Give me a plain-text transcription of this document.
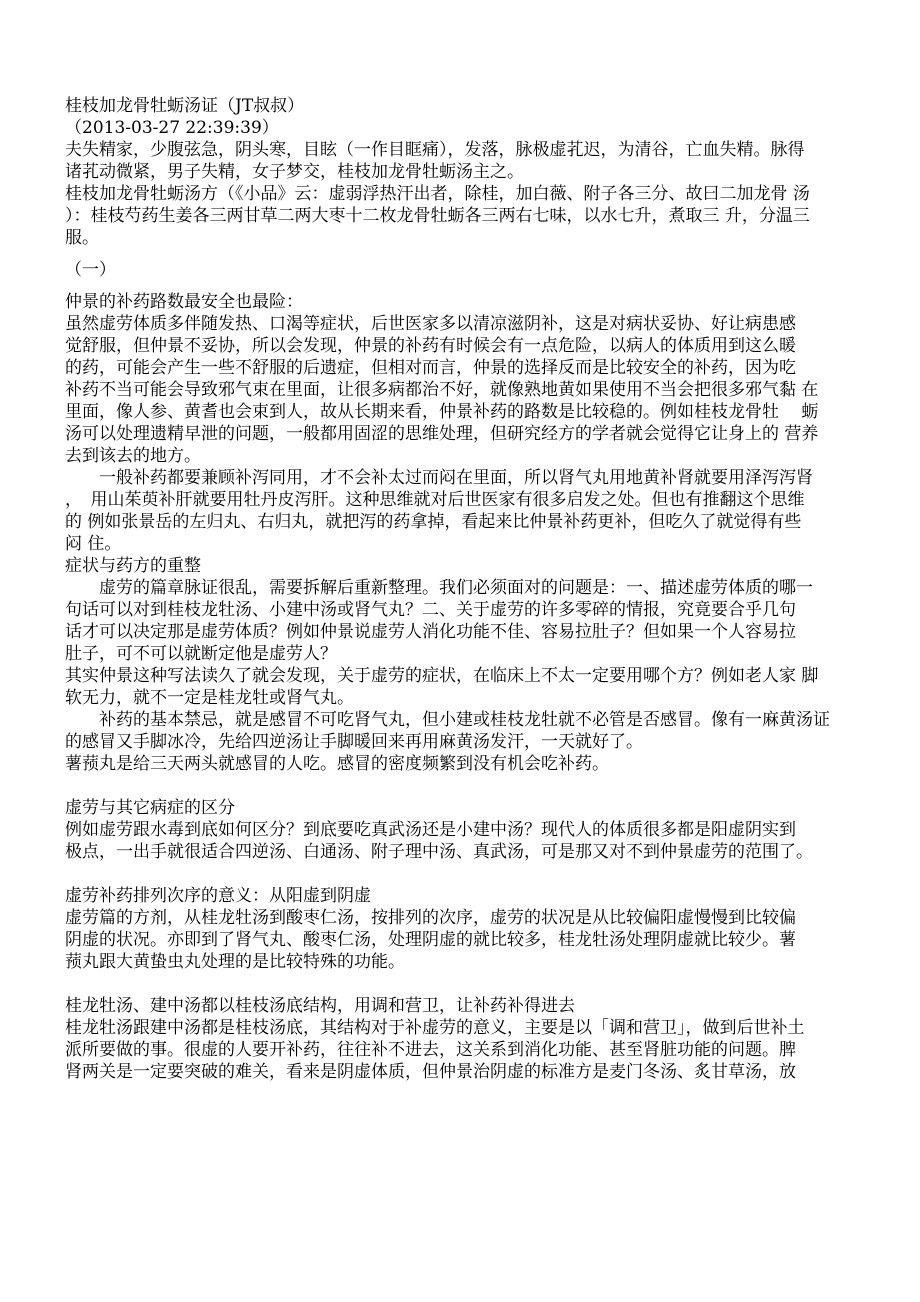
桂枝加龙骨牡蛎汤证（JT叔叔）
（2013-03-27 22:39:39）
夫失精家，少腹弦急，阴头寒，目眩（一作目眶痛），发落，脉极虚芤迟，为清谷，亡血失精。脉得
诸芤动微紧，男子失精，女子梦交，桂枝加龙骨牡蛎汤主之。
桂枝加龙骨牡蛎汤方（《小品》云：虚弱浮热汗出者，除桂，加白薇、附子各三分、故曰二加龙骨 汤
）：桂枝芍药生姜各三两甘草二两大枣十二枚龙骨牡蛎各三两右七味，以水七升，煮取三 升，分温三
服。
（一）
仲景的补药路数最安全也最险：
虽然虚劳体质多伴随发热、口渴等症状，后世医家多以清凉滋阴补，这是对病状妥协、好让病患感
觉舒服，但仲景不妥协，所以会发现，仲景的补药有时候会有一点危险，以病人的体质用到这么暖
的药，可能会产生一些不舒服的后遗症，但相对而言，仲景的选择反而是比较安全的补药，因为吃
补药不当可能会导致邪气束在里面，让很多病都治不好，就像熟地黄如果使用不当会把很多邪气黏 在
里面，像人参、黄耆也会束到人，故从长期来看，仲景补药的路数是比较稳的。例如桂枝龙骨牡　 蛎
汤可以处理遗精早泄的问题，一般都用固涩的思维处理，但研究经方的学者就会觉得它让身上的 营养
去到该去的地方。
　　一般补药都要兼顾补泻同用，才不会补太过而闷在里面，所以肾气丸用地黄补肾就要用泽泻泻肾
，　用山茱萸补肝就要用牡丹皮泻肝。这种思维就对后世医家有很多启发之处。但也有推翻这个思维
的 例如张景岳的左归丸、右归丸，就把泻的药拿掉，看起来比仲景补药更补，但吃久了就觉得有些
闷 住。
症状与药方的重整
　　虚劳的篇章脉证很乱，需要拆解后重新整理。我们必须面对的问题是：一、描述虚劳体质的哪一
句话可以对到桂枝龙牡汤、小建中汤或肾气丸？二、关于虚劳的许多零碎的情报，究竟要合乎几句
话才可以决定那是虚劳体质？例如仲景说虚劳人消化功能不佳、容易拉肚子？但如果一个人容易拉
肚子，可不可以就断定他是虚劳人？
其实仲景这种写法读久了就会发现，关于虚劳的症状，在临床上不太一定要用哪个方？例如老人家 脚
软无力，就不一定是桂龙牡或肾气丸。
　　补药的基本禁忌，就是感冒不可吃肾气丸，但小建或桂枝龙牡就不必管是否感冒。像有一麻黄汤证
的感冒又手脚冰冷，先给四逆汤让手脚暖回来再用麻黄汤发汗，一天就好了。
薯蓣丸是给三天两头就感冒的人吃。感冒的密度频繁到没有机会吃补药。
虚劳与其它病症的区分
例如虚劳跟水毒到底如何区分？到底要吃真武汤还是小建中汤？现代人的体质很多都是阳虚阴实到
极点，一出手就很适合四逆汤、白通汤、附子理中汤、真武汤，可是那又对不到仲景虚劳的范围了。
虚劳补药排列次序的意义：从阳虚到阴虚
虚劳篇的方剂，从桂龙牡汤到酸枣仁汤，按排列的次序，虚劳的状况是从比较偏阳虚慢慢到比较偏
阴虚的状况。亦即到了肾气丸、酸枣仁汤，处理阴虚的就比较多，桂龙牡汤处理阴虚就比较少。薯
蓣丸跟大黄蛰虫丸处理的是比较特殊的功能。
桂龙牡汤、建中汤都以桂枝汤底结构，用调和营卫，让补药补得进去
桂龙牡汤跟建中汤都是桂枝汤底，其结构对于补虚劳的意义，主要是以「调和营卫」，做到后世补土
派所要做的事。很虚的人要开补药，往往补不进去，这关系到消化功能、甚至肾脏功能的问题。脾
肾两关是一定要突破的难关，看来是阴虚体质，但仲景治阴虚的标准方是麦门冬汤、炙甘草汤，放
